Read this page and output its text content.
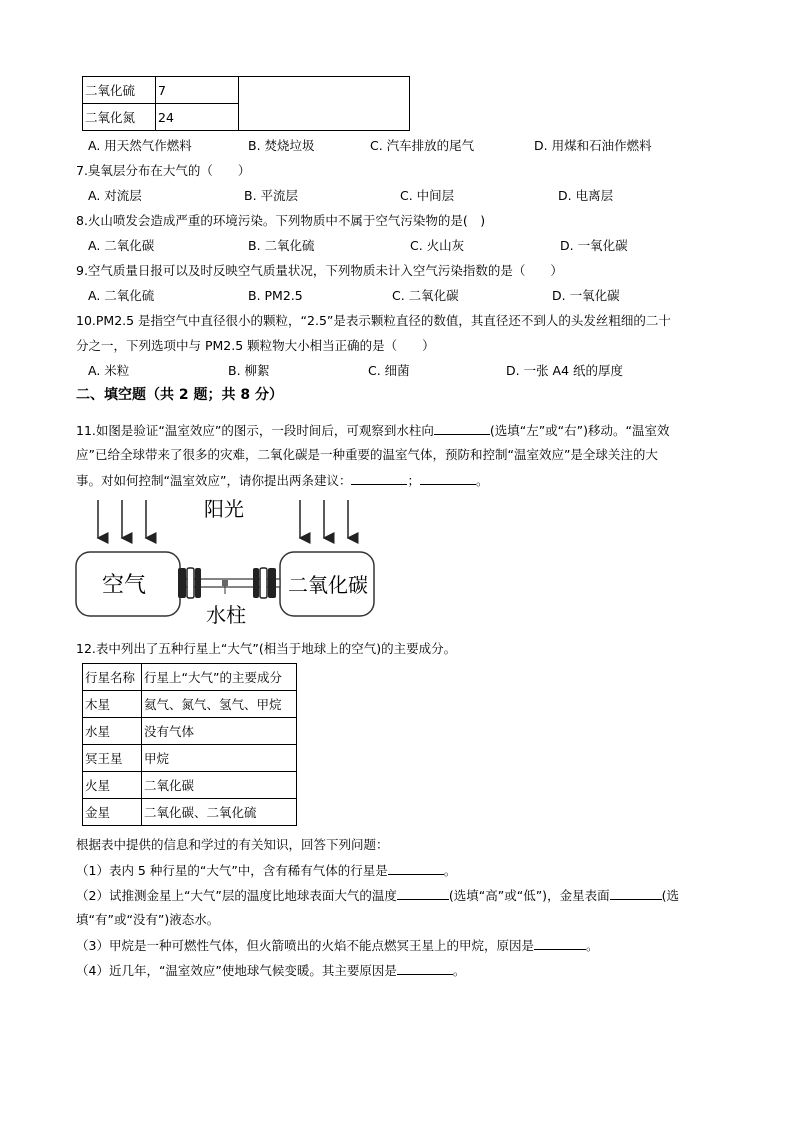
二氧化硫	7	
二氧化氮	24	
A. 用天然气作燃料	B. 焚烧垃圾	C. 汽车排放的尾气	D. 用煤和石油作燃料
7.臭氧层分布在大气的（　　）
A. 对流层	B. 平流层	C. 中间层	D. 电离层
8.火山喷发会造成严重的环境污染。下列物质中不属于空气污染物的是(　)
A. 二氧化碳	B. 二氧化硫	C. 火山灰	D. 一氧化碳
9.空气质量日报可以及时反映空气质量状况，下列物质未计入空气污染指数的是（　　）
A. 二氧化硫	B. PM2.5	C. 二氧化碳	D. 一氧化碳
10.PM2.5 是指空气中直径很小的颗粒，“2.5”是表示颗粒直径的数值，其直径还不到人的头发丝粗细的二十
分之一，下列选项中与 PM2.5 颗粒物大小相当正确的是（　　）
A. 米粒	B. 柳絮	C. 细菌	D. 一张 A4 纸的厚度
二、填空题（共 2 题；共 8 分）
11.如图是验证“温室效应”的图示，一段时间后，可观察到水柱向	(选填“左”或“右”)移动。“温室效
应”已给全球带来了很多的灾难，二氧化碳是一种重要的温室气体，预防和控制“温室效应”是全球关注的大
事。对如何控制“温室效应”，请你提出两条建议：	；	。
阳光
空气	二氧化碳
水柱
12.表中列出了五种行星上“大气”(相当于地球上的空气)的主要成分。
行星名称	行星上“大气”的主要成分
木星	氦气、氮气、氢气、甲烷
水星	没有气体
冥王星	甲烷
火星	二氧化碳
金星	二氧化碳、二氧化硫
根据表中提供的信息和学过的有关知识，回答下列问题：
（1）表内 5 种行星的“大气”中，含有稀有气体的行星是	。
（2）试推测金星上“大气”层的温度比地球表面大气的温度	(选填“高”或“低”)，金星表面	(选
填“有”或“没有”)液态水。
（3）甲烷是一种可燃性气体，但火箭喷出的火焰不能点燃冥王星上的甲烷，原因是	。
（4）近几年，“温室效应”使地球气候变暖。其主要原因是	。
